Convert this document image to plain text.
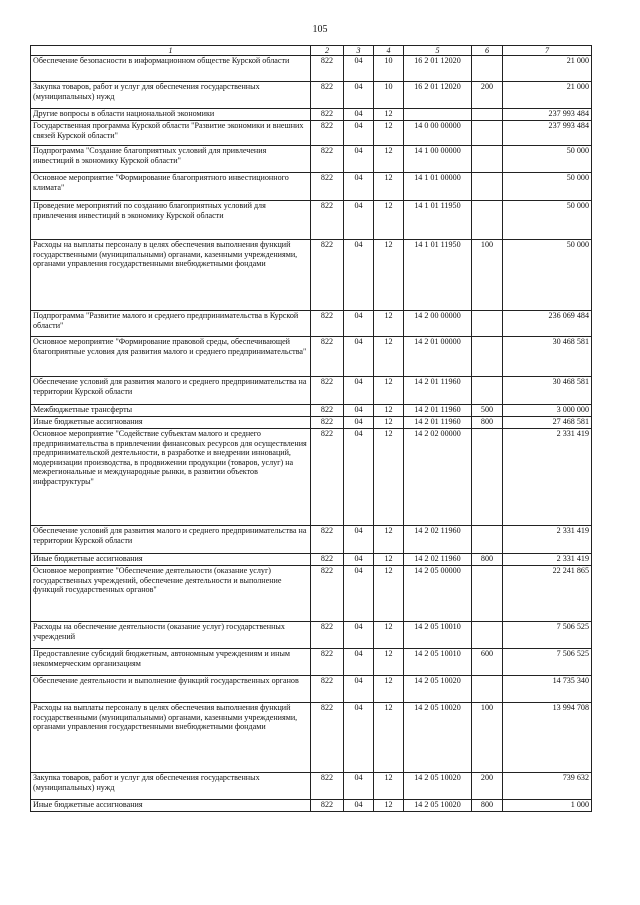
105
1	2	3	4	5	6	7
Обеспечение безопасности в информационном обществе Курской области	822	04	10	16 2 01 12020		21 000
Закупка товаров, работ и услуг для обеспечения государственных (муниципальных) нужд	822	04	10	16 2 01 12020	200	21 000
Другие вопросы в области национальной экономики	822	04	12			237 993 484
Государственная программа Курской области "Развитие экономики и внешних связей Курской области"	822	04	12	14 0 00 00000		237 993 484
Подпрограмма "Создание благоприятных условий для привлечения инвестиций в экономику Курской области"	822	04	12	14 1 00 00000		50 000
Основное мероприятие "Формирование благоприятного инвестиционного климата"	822	04	12	14 1 01 00000		50 000
Проведение мероприятий по созданию благоприятных условий для привлечения инвестиций в экономику Курской области	822	04	12	14 1 01 11950		50 000
Расходы на выплаты персоналу в целях обеспечения выполнения функций государственными (муниципальными) органами, казенными учреждениями, органами управления государственными внебюджетными фондами	822	04	12	14 1 01 11950	100	50 000
Подпрограмма "Развитие малого и среднего предпринимательства в Курской области"	822	04	12	14 2 00 00000		236 069 484
Основное мероприятие "Формирование правовой среды, обеспечивающей благоприятные условия для развития малого и среднего предпринимательства"	822	04	12	14 2 01 00000		30 468 581
Обеспечение условий для развития малого и среднего предпринимательства на территории Курской области	822	04	12	14 2 01 11960		30 468 581
Межбюджетные трансферты	822	04	12	14 2 01 11960	500	3 000 000
Иные бюджетные ассигнования	822	04	12	14 2 01 11960	800	27 468 581
Основное мероприятие "Содействие субъектам малого и среднего предпринимательства в привлечении финансовых ресурсов для осуществления предпринимательской деятельности, в разработке и внедрении инноваций, модернизации производства, в продвижении продукции (товаров, услуг) на межрегиональные и международные рынки, в развитии объектов инфраструктуры"	822	04	12	14 2 02 00000		2 331 419
Обеспечение условий для развития малого и среднего предпринимательства на территории Курской области	822	04	12	14 2 02 11960		2 331 419
Иные бюджетные ассигнования	822	04	12	14 2 02 11960	800	2 331 419
Основное мероприятие "Обеспечение деятельности (оказание услуг) государственных учреждений, обеспечение деятельности и выполнение функций государственных органов"	822	04	12	14 2 05 00000		22 241 865
Расходы на обеспечение деятельности (оказание услуг) государственных учреждений	822	04	12	14 2 05 10010		7 506 525
Предоставление субсидий бюджетным, автономным учреждениям и иным некоммерческим организациям	822	04	12	14 2 05 10010	600	7 506 525
Обеспечение деятельности и выполнение функций государственных органов	822	04	12	14 2 05 10020		14 735 340
Расходы на выплаты персоналу в целях обеспечения выполнения функций государственными (муниципальными) органами, казенными учреждениями, органами управления государственными внебюджетными фондами	822	04	12	14 2 05 10020	100	13 994 708
Закупка товаров, работ и услуг для обеспечения государственных (муниципальных) нужд	822	04	12	14 2 05 10020	200	739 632
Иные бюджетные ассигнования	822	04	12	14 2 05 10020	800	1 000
